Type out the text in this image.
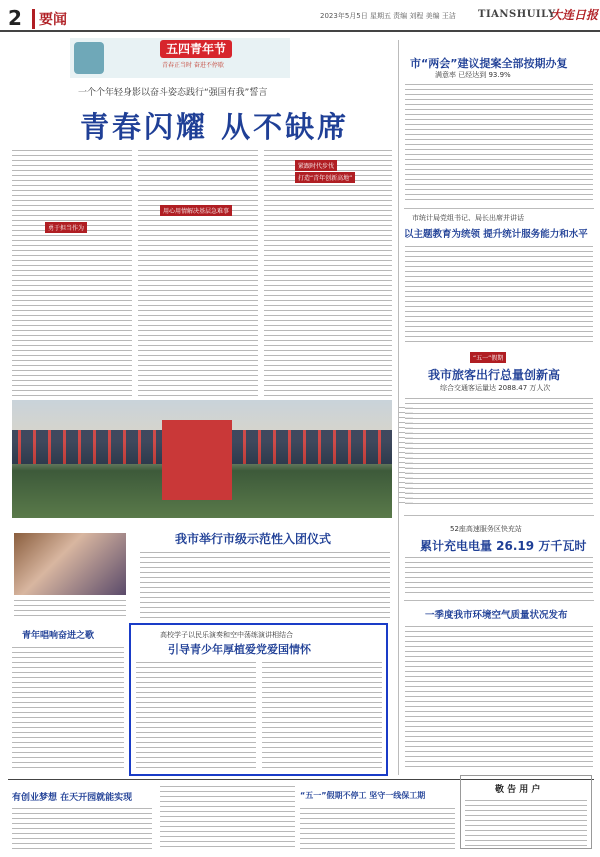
2	要闻	2023年5月5日 星期五 责编 刘程 美编 王洁 TIANSHUILY
大连日报
五四青年节
青春正当时 奋进不停歇
一个个年轻身影以奋斗姿态践行“强国有我”誓言
青春闪耀 从不缺席
勇于担当作为
用心用情解决基层急难事
紧跟时代步伐
打造“青年创新高地”
我市举行市级示范性入团仪式
青年唱响奋进之歌	高校学子以民乐演奏和空中荡练演讲相结合
引导青少年厚植爱党爱国情怀
市“两会”建议提案全部按期办复
满意率 已经达到 93.9%
市统计局党组书记、局长出席并讲话
以主题教育为统领 提升统计服务能力和水平
“五一”假期
我市旅客出行总量创新高
综合交通客运量达 2088.47 万人次
52座高速服务区快充站
累计充电电量 26.19 万千瓦时
一季度我市环境空气质量状况发布
有创业梦想 在天开园就能实现	“五一”假期不停工 坚守一线保工期
敬 告 用 户
